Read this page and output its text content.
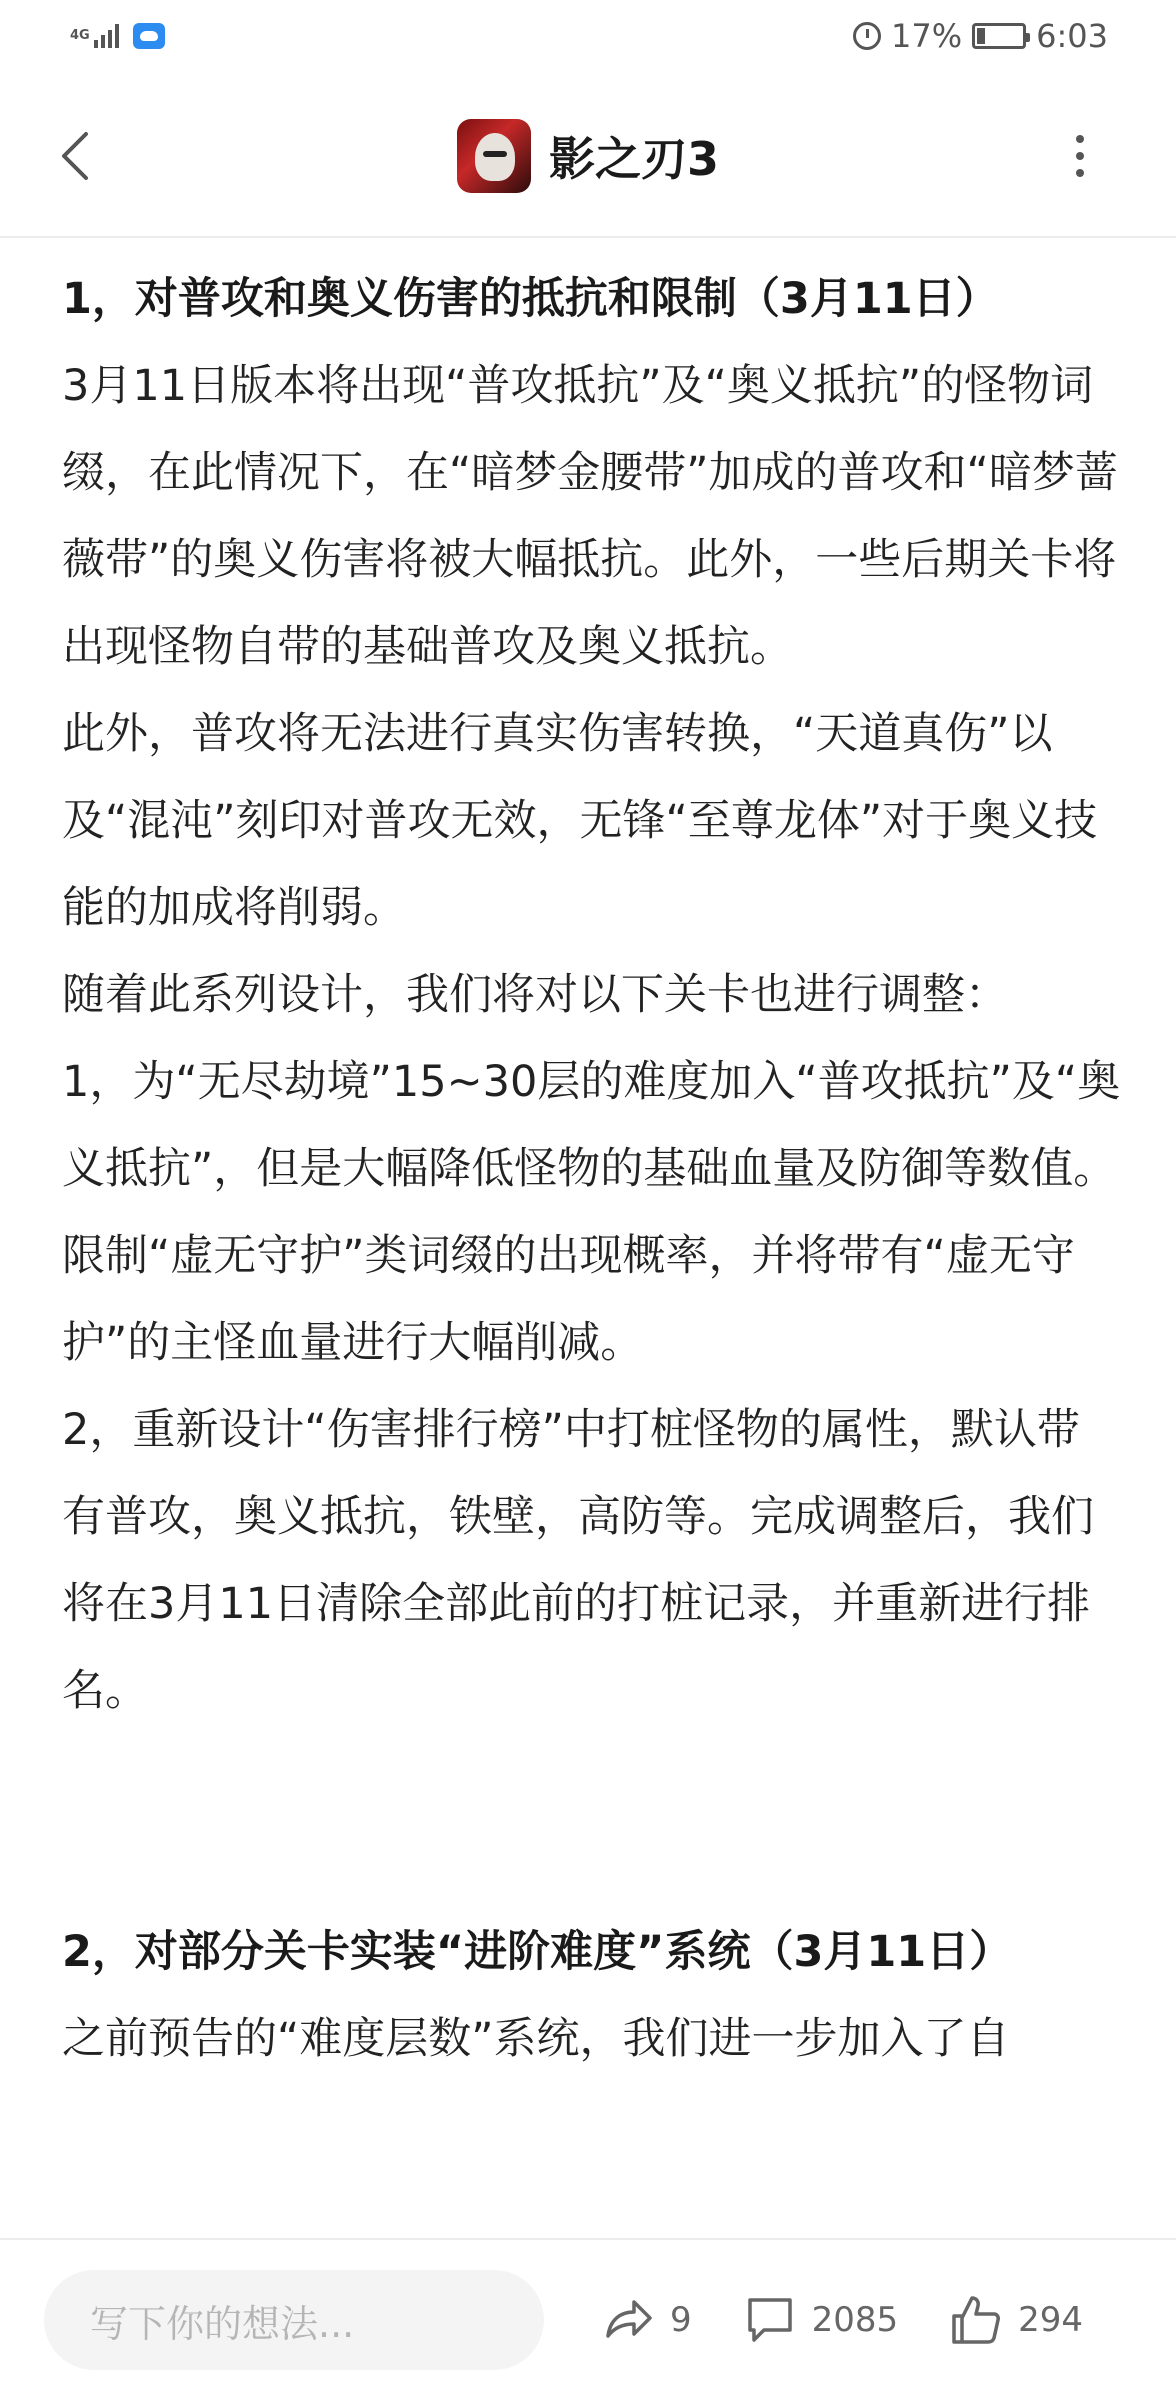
4G	17% ⚡ 6:03
影之刃3
1，对普攻和奥义伤害的抵抗和限制（3月11日）

3月11日版本将出现“普攻抵抗”及“奥义抵抗”的怪物词缀，在此情况下，在“暗梦金腰带”加成的普攻和“暗梦蔷薇带”的奥义伤害将被大幅抵抗。此外，一些后期关卡将出现怪物自带的基础普攻及奥义抵抗。

此外，普攻将无法进行真实伤害转换，“天道真伤”以及“混沌”刻印对普攻无效，无锋“至尊龙体”对于奥义技能的加成将削弱。

随着此系列设计，我们将对以下关卡也进行调整：

1，为“无尽劫境”15~30层的难度加入“普攻抵抗”及“奥义抵抗”，但是大幅降低怪物的基础血量及防御等数值。限制“虚无守护”类词缀的出现概率，并将带有“虚无守护”的主怪血量进行大幅削减。

2，重新设计“伤害排行榜”中打桩怪物的属性，默认带有普攻，奥义抵抗，铁壁，高防等。完成调整后，我们将在3月11日清除全部此前的打桩记录，并重新进行排名。

2，对部分关卡实装“进阶难度”系统（3月11日）

之前预告的“难度层数”系统，我们进一步加入了自

写下你的想法...	9	2085	294
